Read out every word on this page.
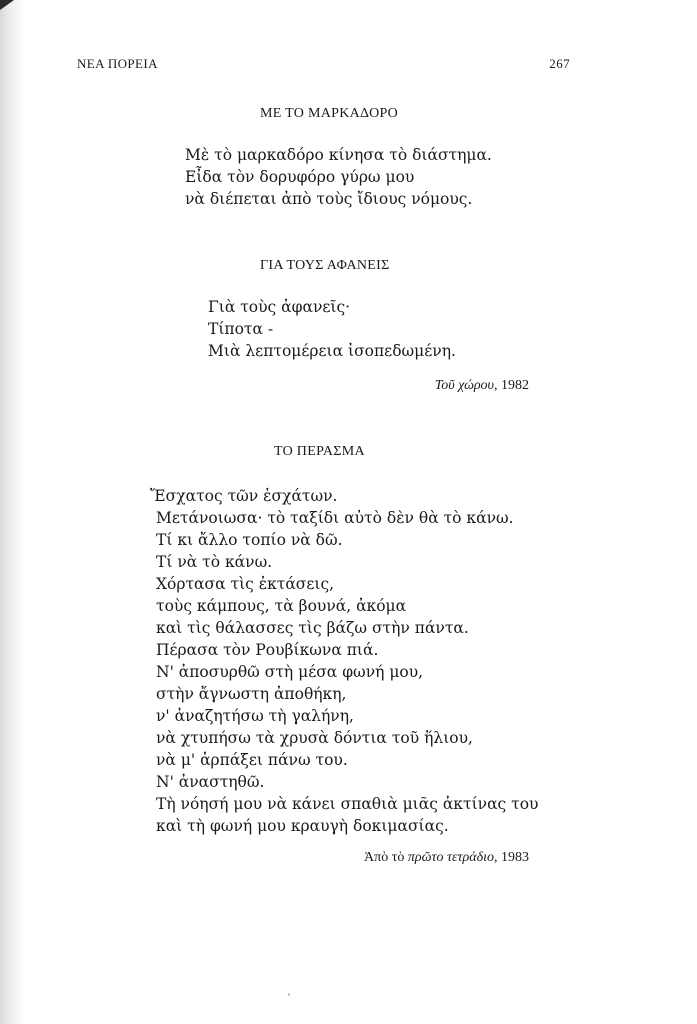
ΝΕΑ ΠΟΡΕΙΑ	267
ΜΕ ΤΟ ΜΑΡΚΑΔΟΡΟ
Μὲ τὸ μαρκαδόρο κίνησα τὸ διάστημα.
Εἶδα τὸν δορυφόρο γύρω μου
νὰ διέπεται ἀπὸ τοὺς ἴδιους νόμους.
ΓΙΑ ΤΟΥΣ ΑΦΑΝΕΙΣ
Γιὰ τοὺς ἀφανεῖς·
Τίποτα -
Μιὰ λεπτομέρεια ἰσοπεδωμένη.
Τοῦ χώρου, 1982
ΤΟ ΠΕΡΑΣΜΑ
Ἔσχατος τῶν ἐσχάτων.
Μετάνοιωσα· τὸ ταξίδι αὐτὸ δὲν θὰ τὸ κάνω.
Τί κι ἄλλο τοπίο νὰ δῶ.
Τί νὰ τὸ κάνω.
Χόρτασα τὶς ἐκτάσεις,
τοὺς κάμπους, τὰ βουνά, ἀκόμα
καὶ τὶς θάλασσες τὶς βάζω στὴν πάντα.
Πέρασα τὸν Ρουβίκωνα πιά.
Ν' ἀποσυρθῶ στὴ μέσα φωνή μου,
στὴν ἄγνωστη ἀποθήκη,
ν' ἀναζητήσω τὴ γαλήνη,
νὰ χτυπήσω τὰ χρυσὰ δόντια τοῦ ἥλιου,
νὰ μ' ἁρπάξει πάνω του.
Ν' ἀναστηθῶ.
Τὴ νόησή μου νὰ κάνει σπαθιὰ μιᾶς ἀκτίνας του
καὶ τὴ φωνή μου κραυγὴ δοκιμασίας.
Ἀπὸ τὸ πρῶτο τετράδιο, 1983
